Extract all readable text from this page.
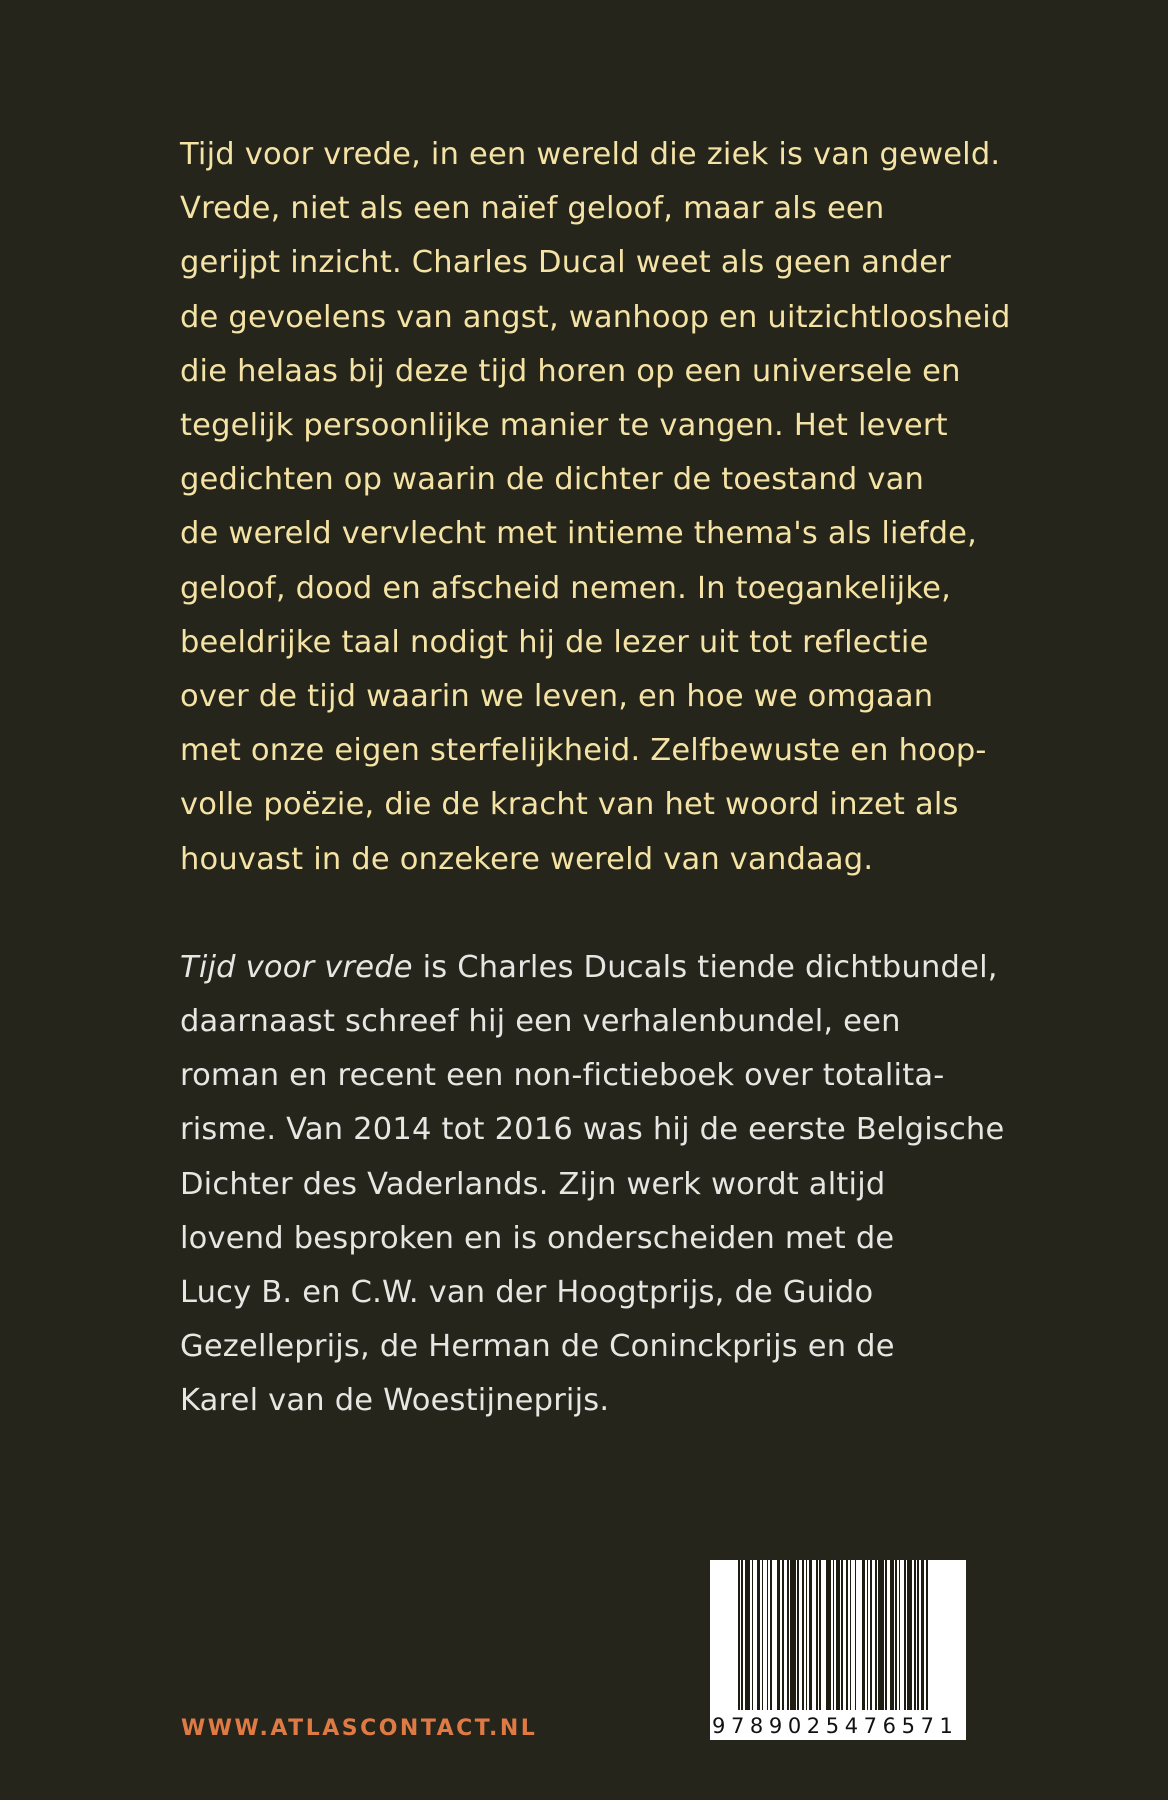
Tijd voor vrede, in een wereld die ziek is van geweld.
Vrede, niet als een naïef geloof, maar als een
gerijpt inzicht. Charles Ducal weet als geen ander
de gevoelens van angst, wanhoop en uitzichtloosheid
die helaas bij deze tijd horen op een universele en
tegelijk persoonlijke manier te vangen. Het levert
gedichten op waarin de dichter de toestand van
de wereld vervlecht met intieme thema's als liefde,
geloof, dood en afscheid nemen. In toegankelijke,
beeldrijke taal nodigt hij de lezer uit tot reflectie
over de tijd waarin we leven, en hoe we omgaan
met onze eigen sterfelijkheid. Zelfbewuste en hoop-
volle poëzie, die de kracht van het woord inzet als
houvast in de onzekere wereld van vandaag.
Tijd voor vrede is Charles Ducals tiende dichtbundel,
daarnaast schreef hij een verhalenbundel, een
roman en recent een non-fictieboek over totalita-
risme. Van 2014 tot 2016 was hij de eerste Belgische
Dichter des Vaderlands. Zijn werk wordt altijd
lovend besproken en is onderscheiden met de
Lucy B. en C.W. van der Hoogtprijs, de Guido
Gezelleprijs, de Herman de Coninckprijs en de
Karel van de Woestijneprijs.
WWW.ATLASCONTACT.NL	9789025476571
